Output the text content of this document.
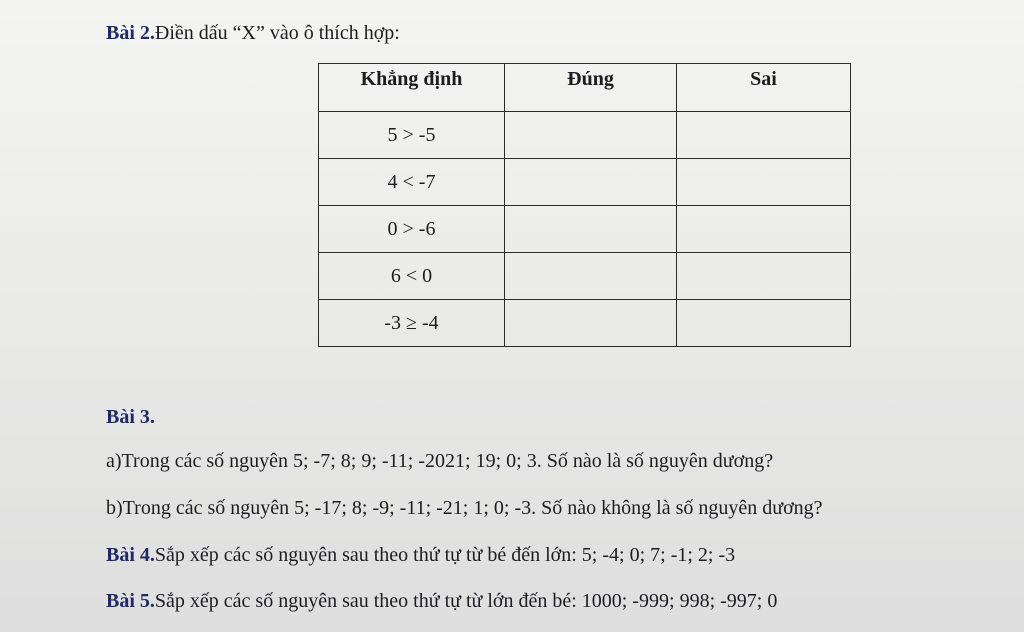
Bài 2.Điền dấu “X” vào ô thích hợp:
Khẳng định	Đúng	Sai
5 > -5		
4 < -7		
0 > -6		
6 < 0		
-3 ≥ -4		
Bài 3.
a)Trong các số nguyên 5; -7; 8; 9; -11; -2021; 19; 0; 3. Số nào là số nguyên dương?
b)Trong các số nguyên 5; -17; 8; -9; -11; -21; 1; 0; -3. Số nào không là số nguyên dương?
Bài 4.Sắp xếp các số nguyên sau theo thứ tự từ bé đến lớn: 5; -4; 0; 7; -1; 2; -3
Bài 5.Sắp xếp các số nguyên sau theo thứ tự từ lớn đến bé: 1000; -999; 998; -997; 0
